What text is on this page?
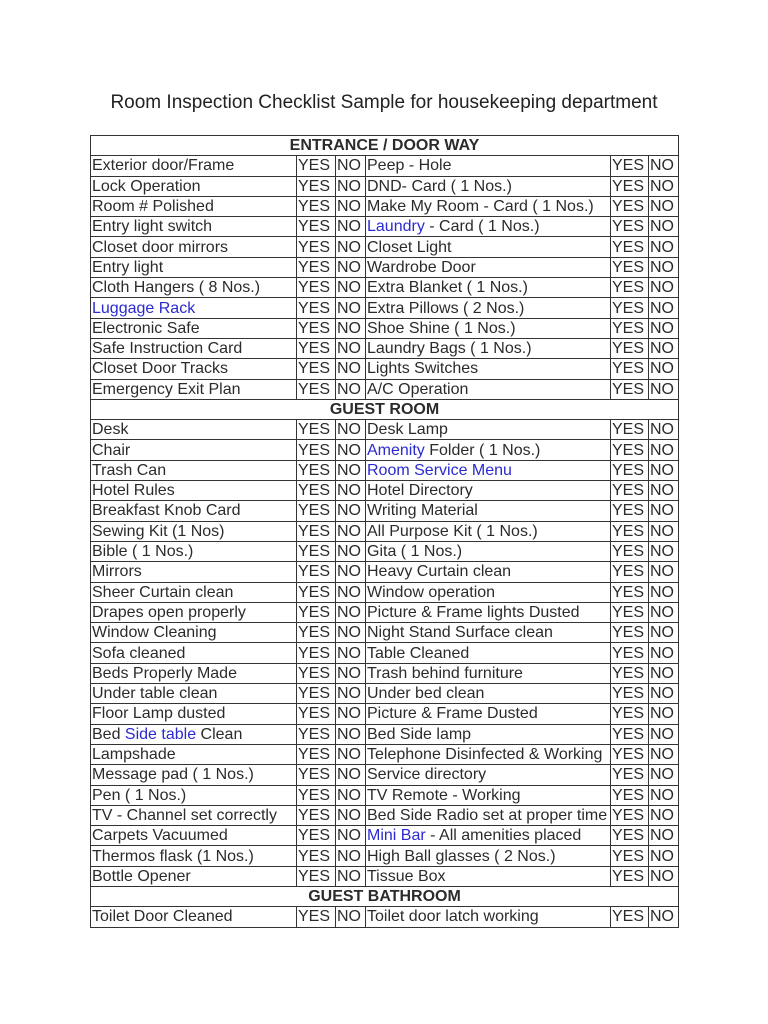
Room Inspection Checklist Sample for housekeeping department
ENTRANCE / DOOR WAY					
Exterior door/Frame	YES	NO	Peep - Hole	YES	NO
Lock Operation	YES	NO	DND- Card ( 1 Nos.)	YES	NO
Room # Polished	YES	NO	Make My Room - Card ( 1 Nos.)	YES	NO
Entry light switch	YES	NO	Laundry - Card ( 1 Nos.)	YES	NO
Closet door mirrors	YES	NO	Closet Light	YES	NO
Entry light	YES	NO	Wardrobe Door	YES	NO
Cloth Hangers ( 8 Nos.)	YES	NO	Extra Blanket ( 1 Nos.)	YES	NO
Luggage Rack	YES	NO	Extra Pillows ( 2 Nos.)	YES	NO
Electronic Safe	YES	NO	Shoe Shine ( 1 Nos.)	YES	NO
Safe Instruction Card	YES	NO	Laundry Bags ( 1 Nos.)	YES	NO
Closet Door Tracks	YES	NO	Lights Switches	YES	NO
Emergency Exit Plan	YES	NO	A/C Operation	YES	NO
GUEST ROOM					
Desk	YES	NO	Desk Lamp	YES	NO
Chair	YES	NO	Amenity Folder ( 1 Nos.)	YES	NO
Trash Can	YES	NO	Room Service Menu	YES	NO
Hotel Rules	YES	NO	Hotel Directory	YES	NO
Breakfast Knob Card	YES	NO	Writing Material	YES	NO
Sewing Kit (1 Nos)	YES	NO	All Purpose Kit ( 1 Nos.)	YES	NO
Bible ( 1 Nos.)	YES	NO	Gita ( 1 Nos.)	YES	NO
Mirrors	YES	NO	Heavy Curtain clean	YES	NO
Sheer Curtain clean	YES	NO	Window operation	YES	NO
Drapes open properly	YES	NO	Picture & Frame lights Dusted	YES	NO
Window Cleaning	YES	NO	Night Stand Surface clean	YES	NO
Sofa cleaned	YES	NO	Table Cleaned	YES	NO
Beds Properly Made	YES	NO	Trash behind furniture	YES	NO
Under table clean	YES	NO	Under bed clean	YES	NO
Floor Lamp dusted	YES	NO	Picture & Frame Dusted	YES	NO
Bed Side table Clean	YES	NO	Bed Side lamp	YES	NO
Lampshade	YES	NO	Telephone Disinfected & Working	YES	NO
Message pad ( 1 Nos.)	YES	NO	Service directory	YES	NO
Pen ( 1 Nos.)	YES	NO	TV Remote - Working	YES	NO
TV - Channel set correctly	YES	NO	Bed Side Radio set at proper time	YES	NO
Carpets Vacuumed	YES	NO	Mini Bar - All amenities placed	YES	NO
Thermos flask (1 Nos.)	YES	NO	High Ball glasses ( 2 Nos.)	YES	NO
Bottle Opener	YES	NO	Tissue Box	YES	NO
GUEST BATHROOM					
Toilet Door Cleaned	YES	NO	Toilet door latch working	YES	NO
